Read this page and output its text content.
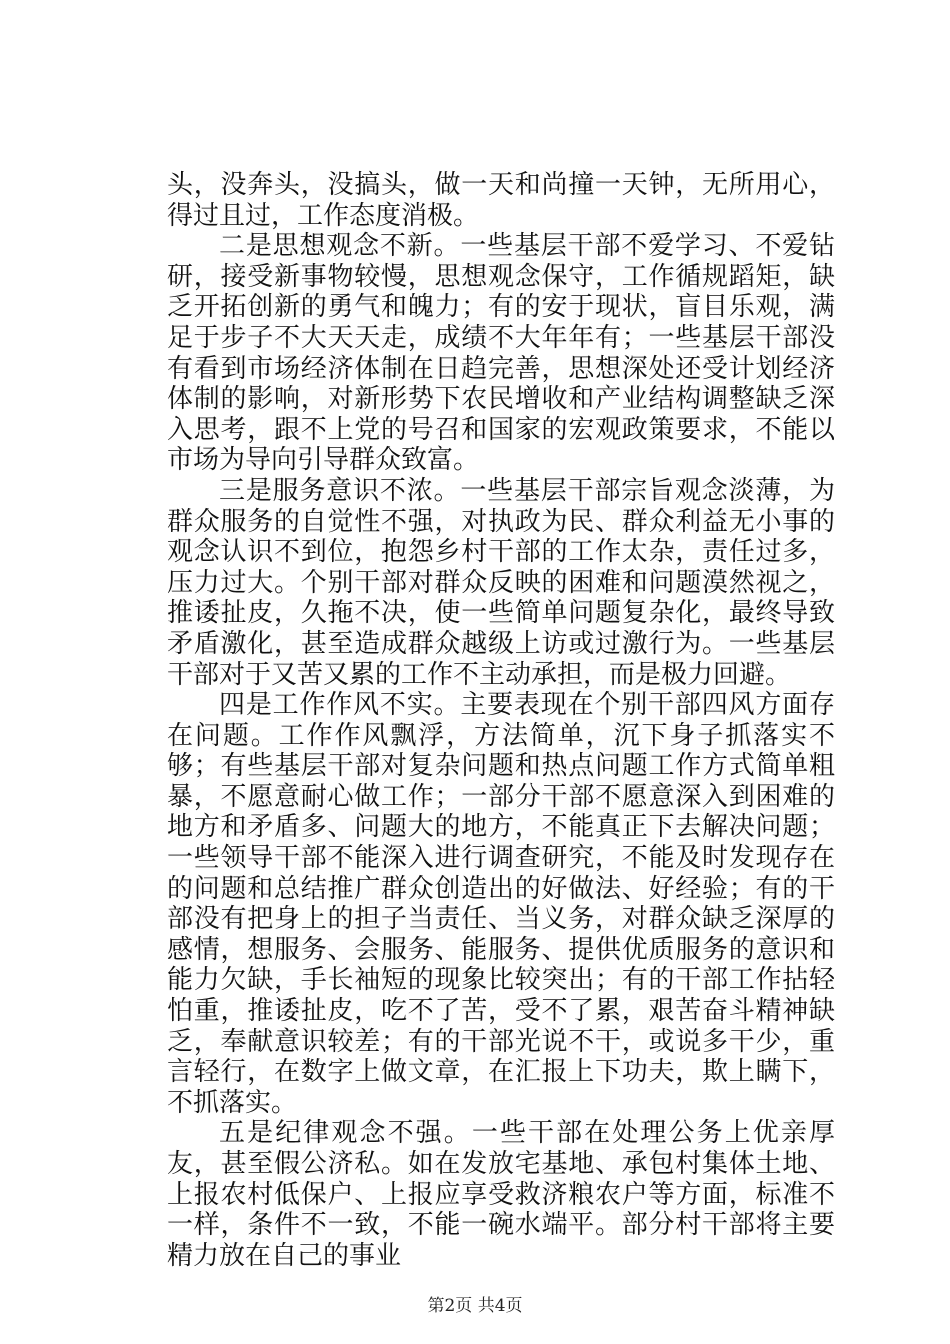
头，没奔头，没搞头，做一天和尚撞一天钟，无所用心，得过且过，工作态度消极。

二是思想观念不新。一些基层干部不爱学习、不爱钻研，接受新事物较慢，思想观念保守，工作循规蹈矩，缺乏开拓创新的勇气和魄力；有的安于现状，盲目乐观，满足于步子不大天天走，成绩不大年年有；一些基层干部没有看到市场经济体制在日趋完善，思想深处还受计划经济体制的影响，对新形势下农民增收和产业结构调整缺乏深入思考，跟不上党的号召和国家的宏观政策要求，不能以市场为导向引导群众致富。

三是服务意识不浓。一些基层干部宗旨观念淡薄，为群众服务的自觉性不强，对执政为民、群众利益无小事的观念认识不到位，抱怨乡村干部的工作太杂，责任过多，压力过大。个别干部对群众反映的困难和问题漠然视之，推诿扯皮，久拖不决，使一些简单问题复杂化，最终导致矛盾激化，甚至造成群众越级上访或过激行为。一些基层干部对于又苦又累的工作不主动承担，而是极力回避。

四是工作作风不实。主要表现在个别干部四风方面存在问题。工作作风飘浮，方法简单，沉下身子抓落实不够；有些基层干部对复杂问题和热点问题工作方式简单粗暴，不愿意耐心做工作；一部分干部不愿意深入到困难的地方和矛盾多、问题大的地方，不能真正下去解决问题；一些领导干部不能深入进行调查研究，不能及时发现存在的问题和总结推广群众创造出的好做法、好经验；有的干部没有把身上的担子当责任、当义务，对群众缺乏深厚的感情，想服务、会服务、能服务、提供优质服务的意识和能力欠缺，手长袖短的现象比较突出；有的干部工作拈轻怕重，推诿扯皮，吃不了苦，受不了累，艰苦奋斗精神缺乏，奉献意识较差；有的干部光说不干，或说多干少，重言轻行，在数字上做文章，在汇报上下功夫，欺上瞒下，不抓落实。

五是纪律观念不强。一些干部在处理公务上优亲厚友，甚至假公济私。如在发放宅基地、承包村集体土地、上报农村低保户、上报应享受救济粮农户等方面，标准不一样，条件不一致，不能一碗水端平。部分村干部将主要精力放在自己的事业

第2页 共4页
